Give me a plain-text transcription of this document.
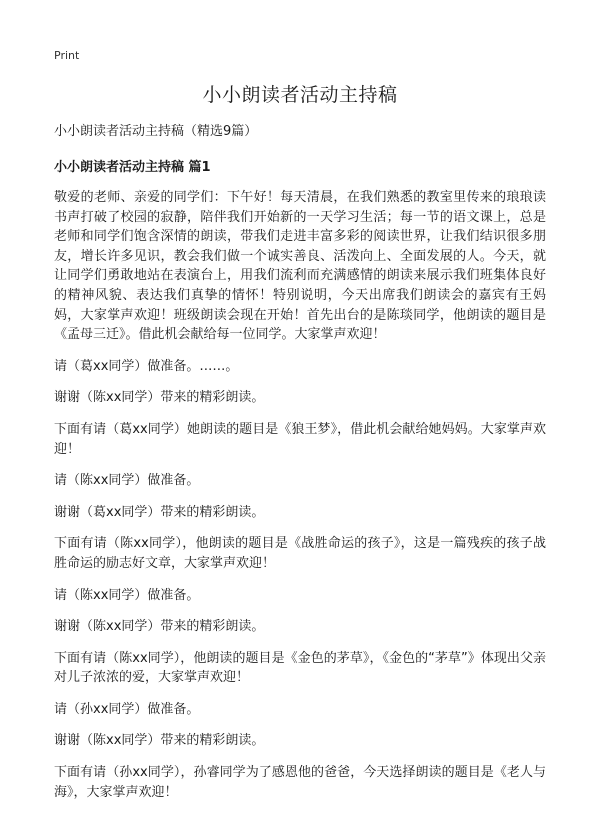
Print
小小朗读者活动主持稿
小小朗读者活动主持稿（精选9篇）
小小朗读者活动主持稿 篇1

敬爱的老师、亲爱的同学们：下午好！每天清晨，在我们熟悉的教室里传来的琅琅读书声打破了校园的寂静，陪伴我们开始新的一天学习生活；每一节的语文课上，总是老师和同学们饱含深情的朗读，带我们走进丰富多彩的阅读世界，让我们结识很多朋友，增长许多见识，教会我们做一个诚实善良、活泼向上、全面发展的人。今天，就让同学们勇敢地站在表演台上，用我们流利而充满感情的朗读来展示我们班集体良好的精神风貌、表达我们真挚的情怀！特别说明，今天出席我们朗读会的嘉宾有王妈妈，大家掌声欢迎！班级朗读会现在开始！首先出台的是陈琰同学，他朗读的题目是《孟母三迁》。借此机会献给每一位同学。大家掌声欢迎！

请（葛xx同学）做准备。……。

谢谢（陈xx同学）带来的精彩朗读。

下面有请（葛xx同学）她朗读的题目是《狼王梦》，借此机会献给她妈妈。大家掌声欢迎！

请（陈xx同学）做准备。

谢谢（葛xx同学）带来的精彩朗读。

下面有请（陈xx同学），他朗读的题目是《战胜命运的孩子》，这是一篇残疾的孩子战胜命运的励志好文章，大家掌声欢迎！

请（陈xx同学）做准备。

谢谢（陈xx同学）带来的精彩朗读。

下面有请（陈xx同学），他朗读的题目是《金色的茅草》，《金色的“茅草”》体现出父亲对儿子浓浓的爱，大家掌声欢迎！

请（孙xx同学）做准备。

谢谢（陈xx同学）带来的精彩朗读。

下面有请（孙xx同学），孙睿同学为了感恩他的爸爸，今天选择朗读的题目是《老人与海》，大家掌声欢迎！
